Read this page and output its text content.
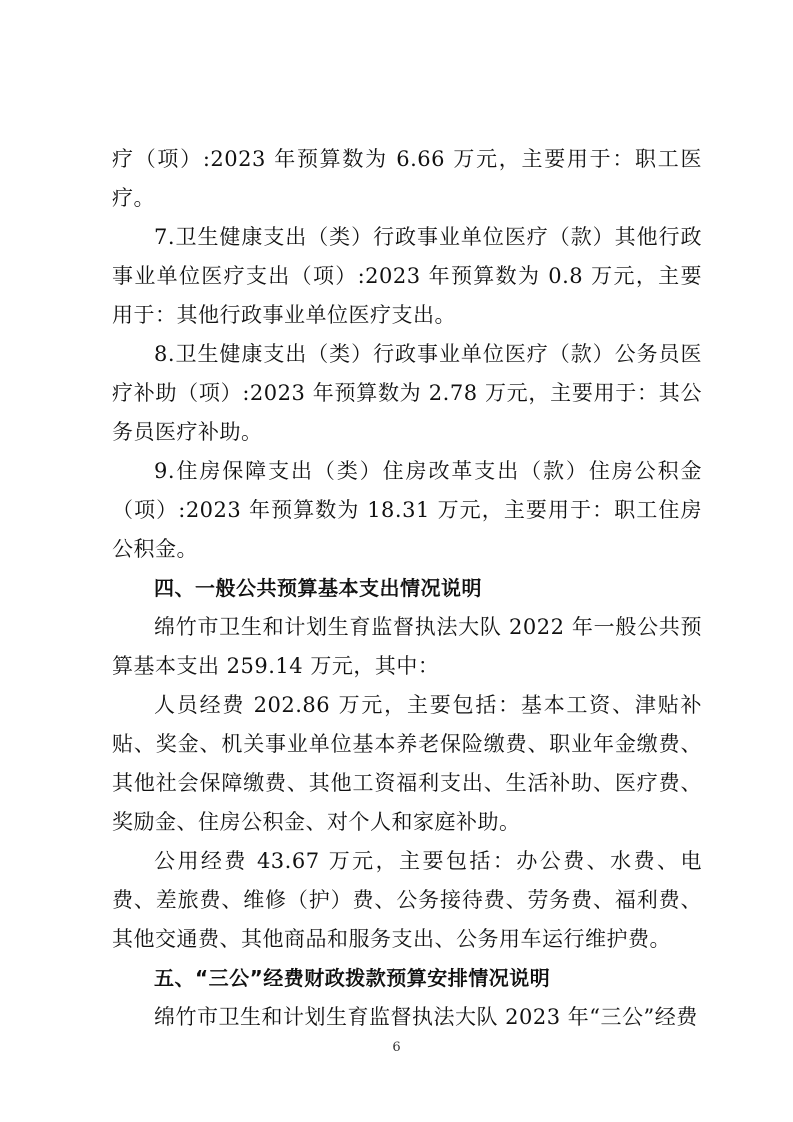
疗（项）:2023 年预算数为 6.66 万元，主要用于：职工医疗。

7.卫生健康支出（类）行政事业单位医疗（款）其他行政事业单位医疗支出（项）:2023 年预算数为 0.8 万元，主要用于：其他行政事业单位医疗支出。

8.卫生健康支出（类）行政事业单位医疗（款）公务员医疗补助（项）:2023 年预算数为 2.78 万元，主要用于：其公务员医疗补助。

9.住房保障支出（类）住房改革支出（款）住房公积金（项）:2023 年预算数为 18.31 万元，主要用于：职工住房公积金。

四、一般公共预算基本支出情况说明

绵竹市卫生和计划生育监督执法大队 2022 年一般公共预算基本支出 259.14 万元，其中：

人员经费 202.86 万元，主要包括：基本工资、津贴补贴、奖金、机关事业单位基本养老保险缴费、职业年金缴费、其他社会保障缴费、其他工资福利支出、生活补助、医疗费、奖励金、住房公积金、对个人和家庭补助。

公用经费 43.67 万元，主要包括：办公费、水费、电费、差旅费、维修（护）费、公务接待费、劳务费、福利费、其他交通费、其他商品和服务支出、公务用车运行维护费。

五、“三公”经费财政拨款预算安排情况说明

绵竹市卫生和计划生育监督执法大队 2023 年“三公”经费

6
